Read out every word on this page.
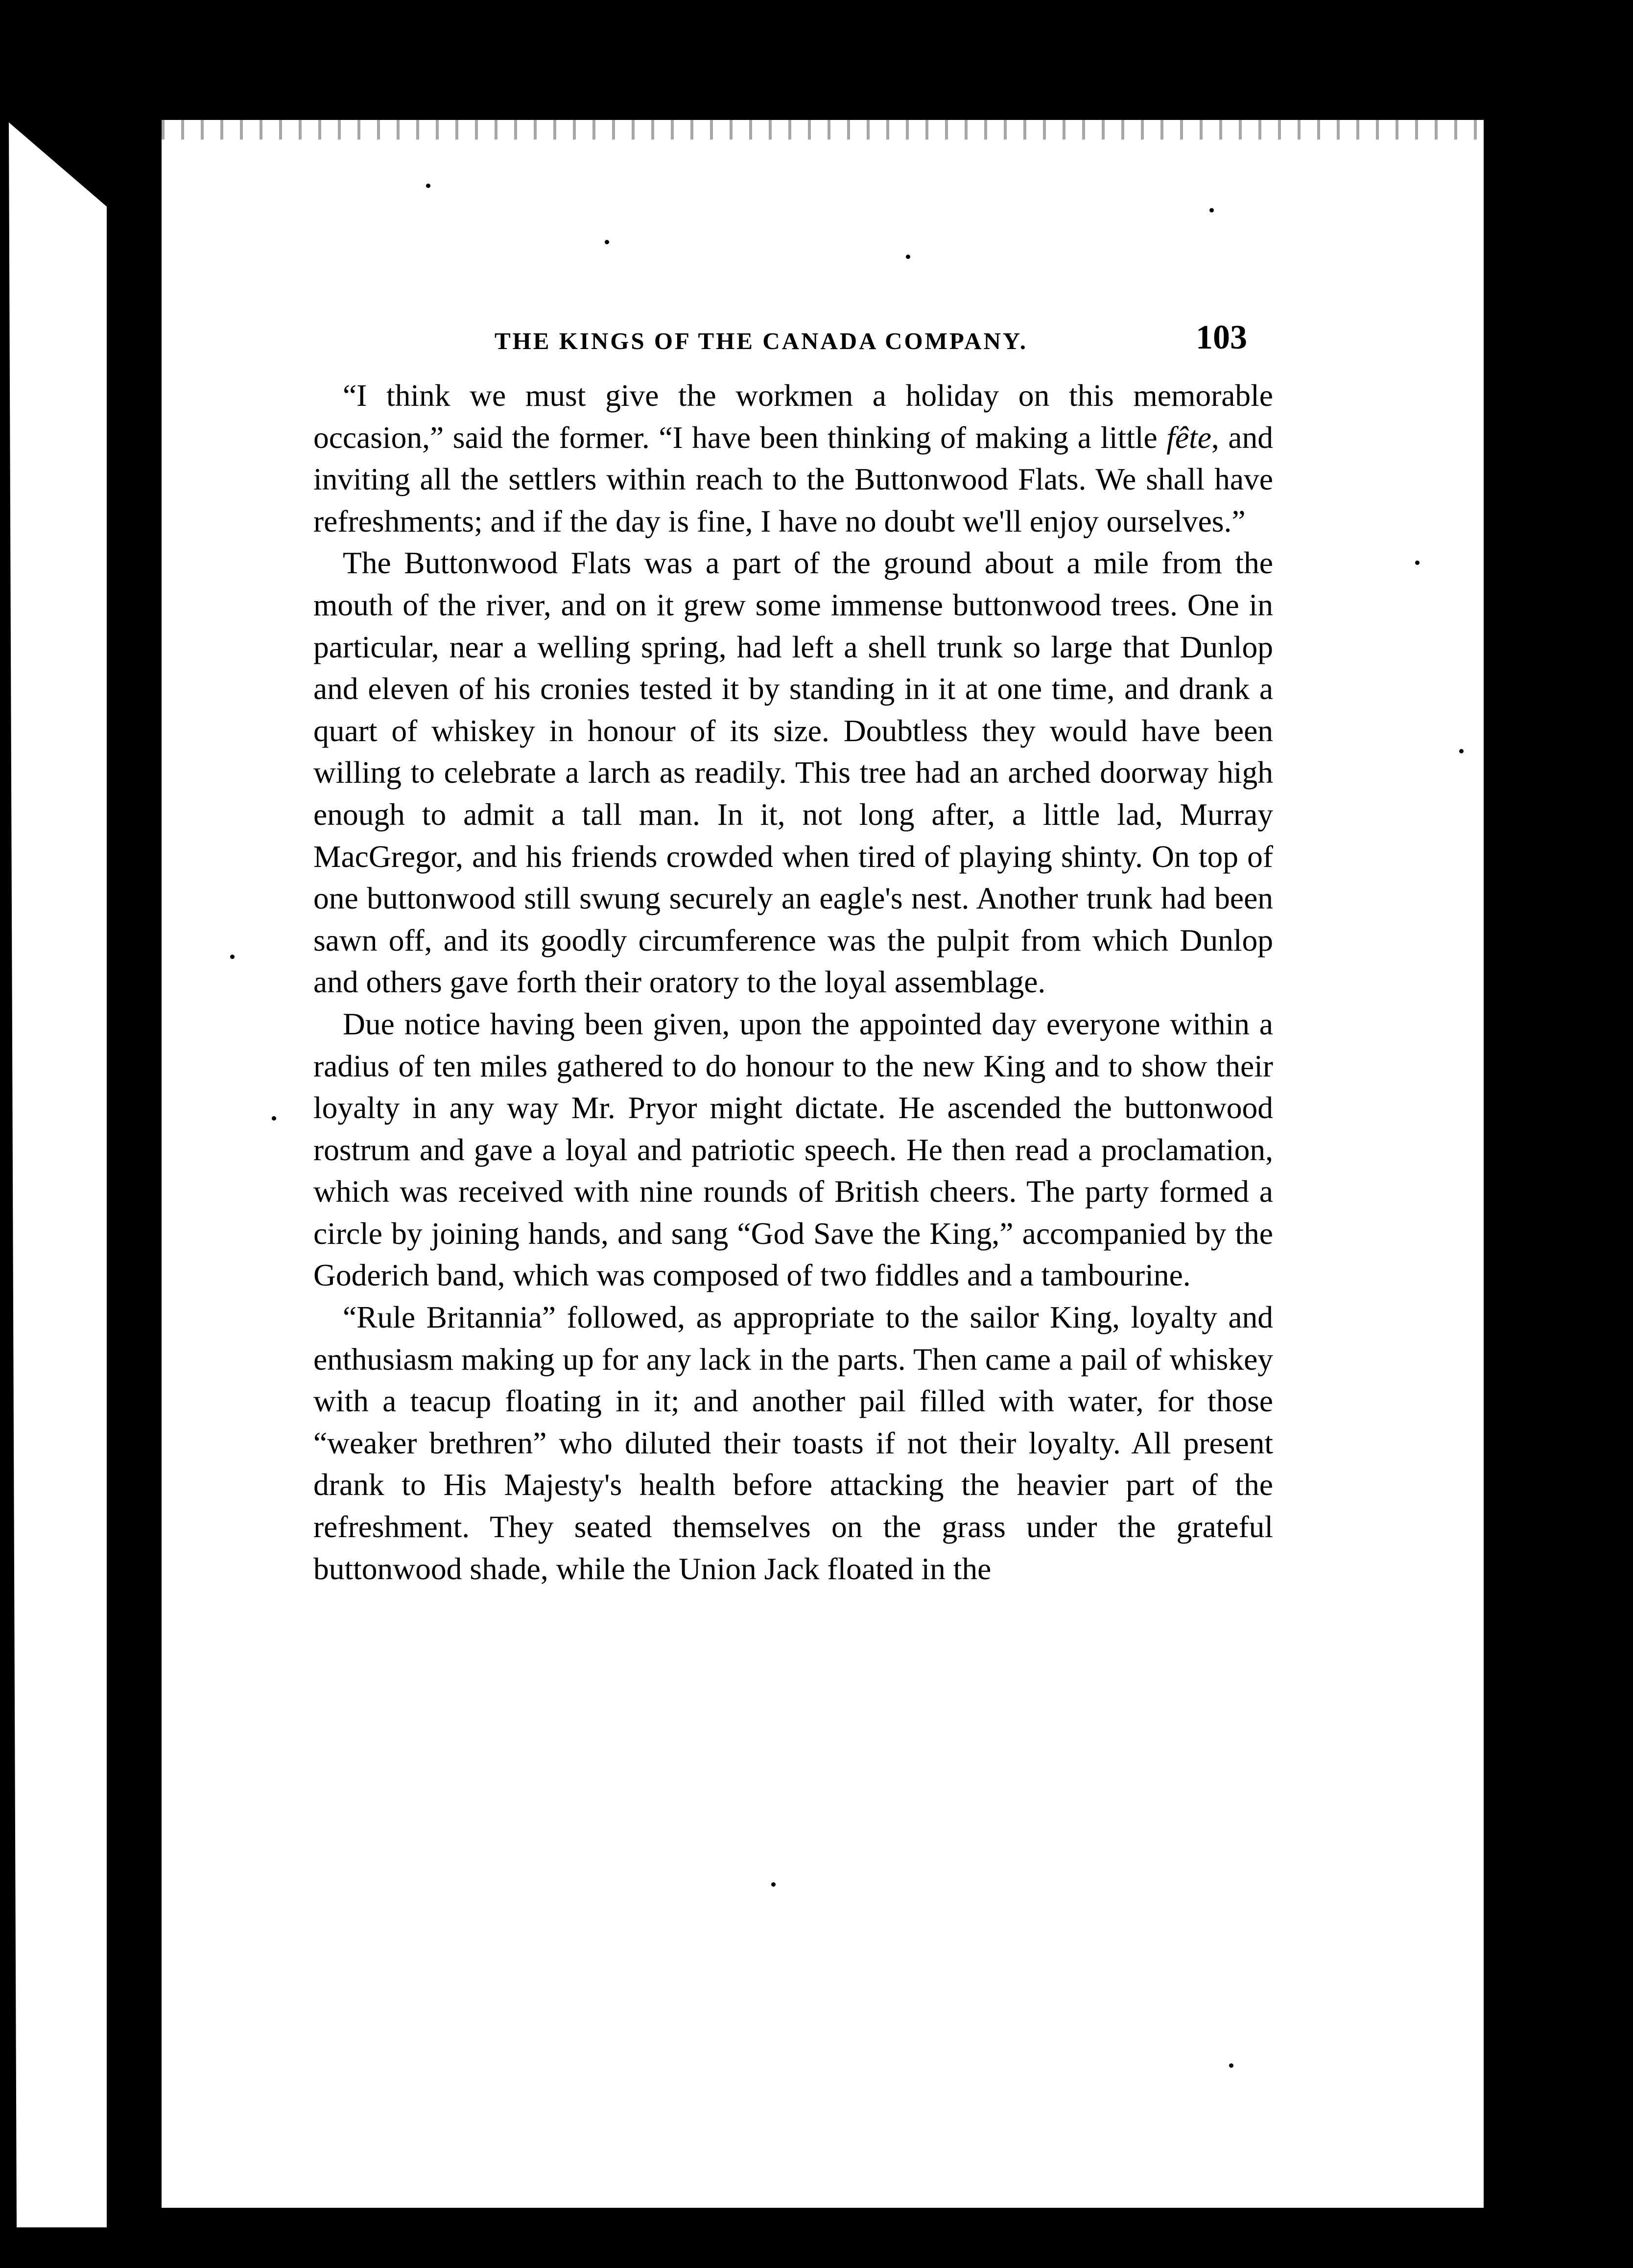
THE KINGS OF THE CANADA COMPANY.	103

“I think we must give the workmen a holiday on this memorable occasion,” said the former. “I have been thinking of making a little fête, and inviting all the settlers within reach to the Buttonwood Flats. We shall have refreshments; and if the day is fine, I have no doubt we'll enjoy ourselves.”

The Buttonwood Flats was a part of the ground about a mile from the mouth of the river, and on it grew some immense buttonwood trees. One in particular, near a welling spring, had left a shell trunk so large that Dunlop and eleven of his cronies tested it by standing in it at one time, and drank a quart of whiskey in honour of its size. Doubtless they would have been willing to celebrate a larch as readily. This tree had an arched doorway high enough to admit a tall man. In it, not long after, a little lad, Murray MacGregor, and his friends crowded when tired of playing shinty. On top of one buttonwood still swung securely an eagle's nest. Another trunk had been sawn off, and its goodly circumference was the pulpit from which Dunlop and others gave forth their oratory to the loyal assemblage.

Due notice having been given, upon the appointed day everyone within a radius of ten miles gathered to do honour to the new King and to show their loyalty in any way Mr. Pryor might dictate. He ascended the buttonwood rostrum and gave a loyal and patriotic speech. He then read a proclamation, which was received with nine rounds of British cheers. The party formed a circle by joining hands, and sang “God Save the King,” accompanied by the Goderich band, which was composed of two fiddles and a tambourine.

“Rule Britannia” followed, as appropriate to the sailor King, loyalty and enthusiasm making up for any lack in the parts. Then came a pail of whiskey with a teacup floating in it; and another pail filled with water, for those “weaker brethren” who diluted their toasts if not their loyalty. All present drank to His Majesty's health before attacking the heavier part of the refreshment. They seated themselves on the grass under the grateful buttonwood shade, while the Union Jack floated in the
